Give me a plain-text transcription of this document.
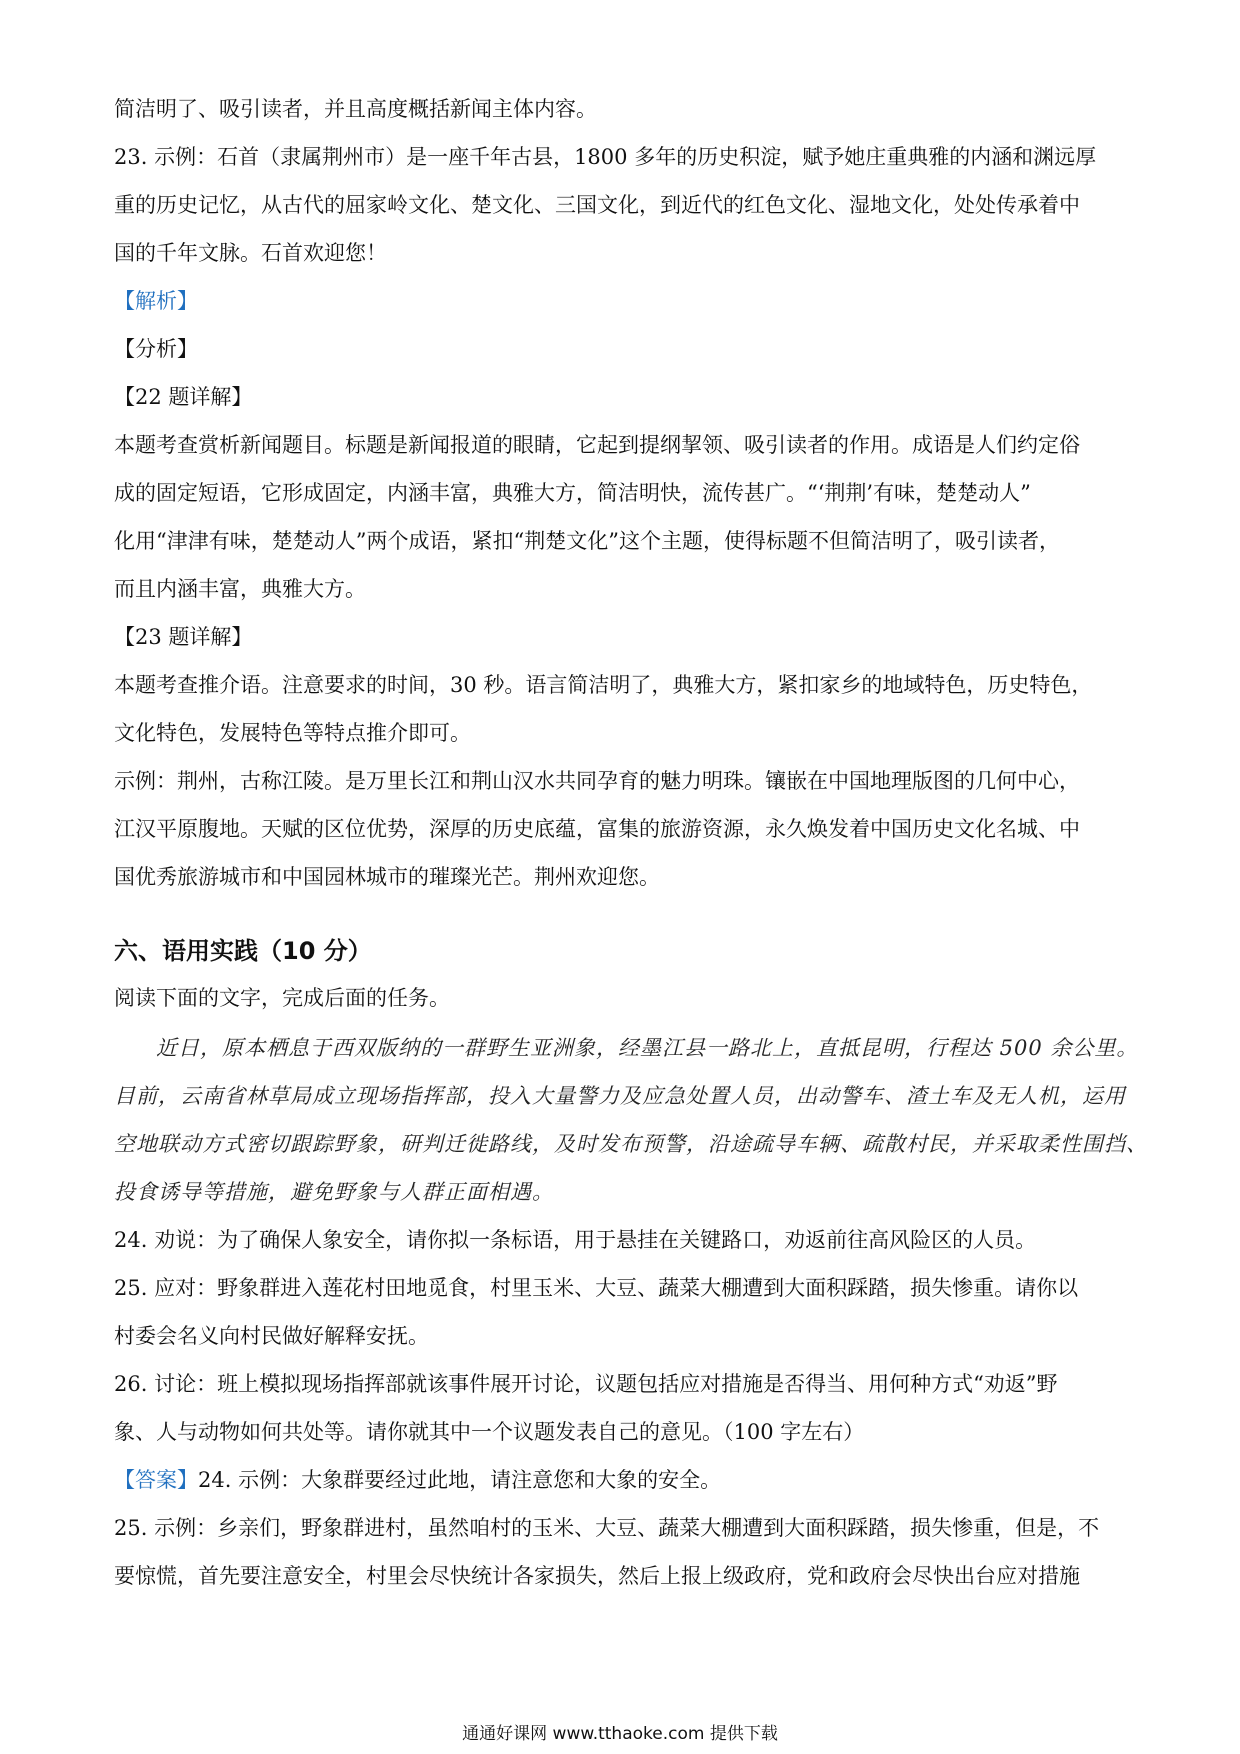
简洁明了、吸引读者，并且高度概括新闻主体内容。
23. 示例：石首（隶属荆州市）是一座千年古县，1800 多年的历史积淀，赋予她庄重典雅的内涵和渊远厚
重的历史记忆，从古代的屈家岭文化、楚文化、三国文化，到近代的红色文化、湿地文化，处处传承着中
国的千年文脉。石首欢迎您！
【解析】
【分析】
【22 题详解】
本题考查赏析新闻题目。标题是新闻报道的眼睛，它起到提纲挈领、吸引读者的作用。成语是人们约定俗
成的固定短语，它形成固定，内涵丰富，典雅大方，简洁明快，流传甚广。“‘荆荆’有味，楚楚动人”
化用“津津有味，楚楚动人”两个成语，紧扣“荆楚文化”这个主题，使得标题不但简洁明了，吸引读者，
而且内涵丰富，典雅大方。
【23 题详解】
本题考查推介语。注意要求的时间，30 秒。语言简洁明了，典雅大方，紧扣家乡的地域特色，历史特色，
文化特色，发展特色等特点推介即可。
示例：荆州，古称江陵。是万里长江和荆山汉水共同孕育的魅力明珠。镶嵌在中国地理版图的几何中心，
江汉平原腹地。天赋的区位优势，深厚的历史底蕴，富集的旅游资源，永久焕发着中国历史文化名城、中
国优秀旅游城市和中国园林城市的璀璨光芒。荆州欢迎您。
六、语用实践（10 分）
阅读下面的文字，完成后面的任务。
近日，原本栖息于西双版纳的一群野生亚洲象，经墨江县一路北上，直抵昆明，行程达 500 余公里。
目前，云南省林草局成立现场指挥部，投入大量警力及应急处置人员，出动警车、渣土车及无人机，运用
空地联动方式密切跟踪野象，研判迁徙路线，及时发布预警，沿途疏导车辆、疏散村民，并采取柔性围挡、
投食诱导等措施，避免野象与人群正面相遇。
24. 劝说：为了确保人象安全，请你拟一条标语，用于悬挂在关键路口，劝返前往高风险区的人员。
25. 应对：野象群进入莲花村田地觅食，村里玉米、大豆、蔬菜大棚遭到大面积踩踏，损失惨重。请你以
村委会名义向村民做好解释安抚。
26. 讨论：班上模拟现场指挥部就该事件展开讨论，议题包括应对措施是否得当、用何种方式“劝返”野
象、人与动物如何共处等。请你就其中一个议题发表自己的意见。（100 字左右）
【答案】24. 示例：大象群要经过此地，请注意您和大象的安全。
25. 示例：乡亲们，野象群进村，虽然咱村的玉米、大豆、蔬菜大棚遭到大面积踩踏，损失惨重，但是，不
要惊慌，首先要注意安全，村里会尽快统计各家损失，然后上报上级政府，党和政府会尽快出台应对措施
通通好课网 www.tthaoke.com 提供下载
